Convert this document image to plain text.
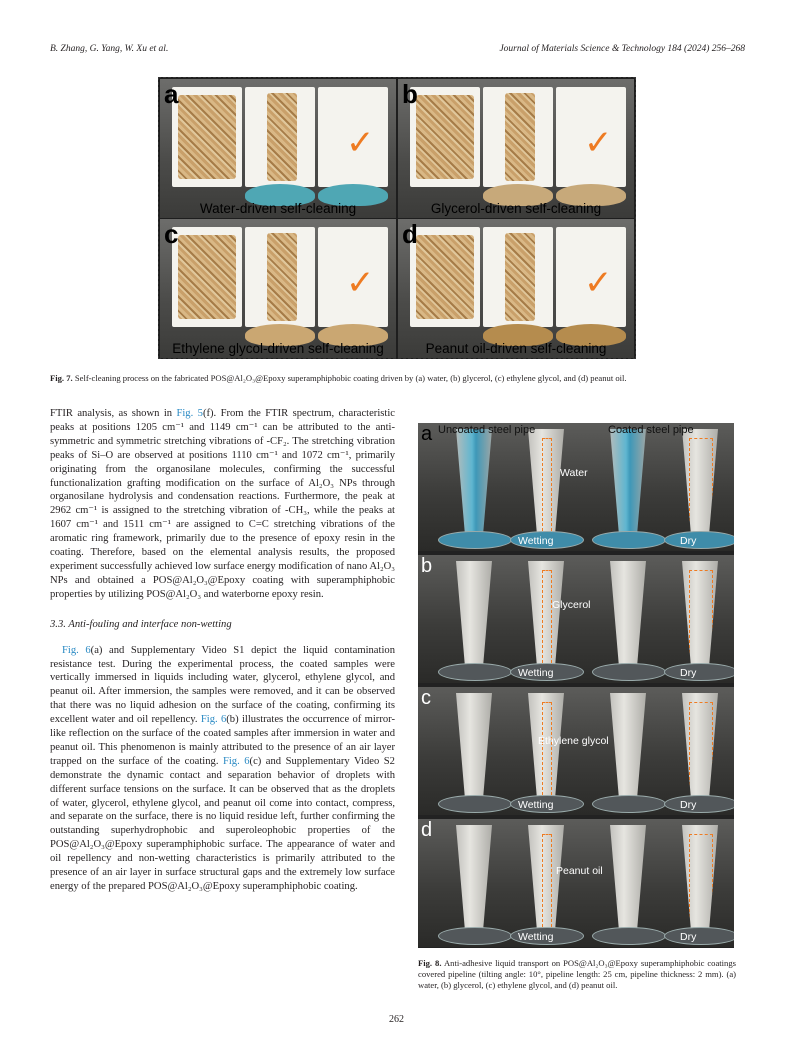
B. Zhang, G. Yang, W. Xu et al.	Journal of Materials Science & Technology 184 (2024) 256–268
✓
a
Water-driven self-cleaning
✓
b
Glycerol-driven self-cleaning
✓
c
Ethylene glycol-driven self-cleaning
✓
d
Peanut oil-driven self-cleaning
Fig. 7. Self-cleaning process on the fabricated POS@Al₂O₃@Epoxy superamphiphobic coating driven by (a) water, (b) glycerol, (c) ethylene glycol, and (d) peanut oil.

FTIR analysis, as shown in Fig. 5(f). From the FTIR spectrum, characteristic peaks at positions 1205 cm⁻¹ and 1149 cm⁻¹ can be attributed to the anti-symmetric and symmetric stretching vibrations of -CF₂. The stretching vibration peaks of Si–O are observed at positions 1110 cm⁻¹ and 1072 cm⁻¹, primarily originating from the organosilane molecules, confirming the successful functionalization grafting modification on the surface of Al₂O₃ NPs through organosilane hydrolysis and condensation reactions. Furthermore, the peak at 2962 cm⁻¹ is assigned to the stretching vibration of -CH₃, while the peaks at 1607 cm⁻¹ and 1511 cm⁻¹ are assigned to C=C stretching vibrations of the aromatic ring framework, primarily due to the presence of epoxy resin in the coating. Therefore, based on the elemental analysis results, the proposed experiment successfully achieved low surface energy modification of nano Al₂O₃ NPs and obtained a POS@Al₂O₃@Epoxy coating with superamphiphobic properties by utilizing POS@Al₂O₃ and waterborne epoxy resin.

3.3. Anti-fouling and interface non-wetting

Fig. 6(a) and Supplementary Video S1 depict the liquid contamination resistance test. During the experimental process, the coated samples were vertically immersed in liquids including water, glycerol, ethylene glycol, and peanut oil. After immersion, the samples were removed, and it can be observed that there was no liquid adhesion on the surface of the coating, confirming its excellent water and oil repellency. Fig. 6(b) illustrates the occurrence of mirror-like reflection on the surface of the coated samples after immersion in water and peanut oil. This phenomenon is mainly attributed to the presence of an air layer trapped on the surface of the coating. Fig. 6(c) and Supplementary Video S2 demonstrate the dynamic contact and separation behavior of droplets with different surface tensions on the surface. It can be observed that as the droplets of water, glycerol, ethylene glycol, and peanut oil come into contact, compress, and separate on the surface, there is no liquid residue left, further confirming the outstanding superhydrophobic and superoleophobic properties of the POS@Al₂O₃@Epoxy superamphiphobic surface. The appearance of water and oil repellency and non-wetting characteristics is primarily attributed to the presence of an air layer in surface structural gaps and the extremely low surface energy of the prepared POS@Al₂O₃@Epoxy superamphiphobic coating.

a Uncoated steel pipe	Coated steel pipe
Water
Wetting	Dry
b
Glycerol
Wetting	Dry
c
Ethylene glycol
Wetting	Dry
d
Peanut oil
Wetting	Dry
Fig. 8. Anti-adhesive liquid transport on POS@Al₂O₃@Epoxy superamphiphobic coatings covered pipeline (tilting angle: 10°, pipeline length: 25 cm, pipeline thickness: 2 mm). (a) water, (b) glycerol, (c) ethylene glycol, and (d) peanut oil.
262
